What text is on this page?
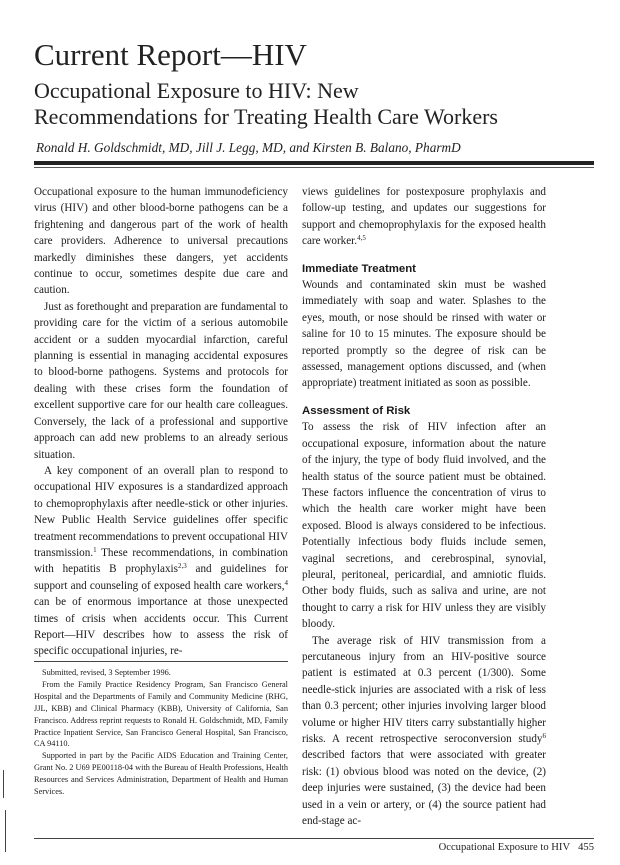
Current Report—HIV
Occupational Exposure to HIV: New
Recommendations for Treating Health Care Workers
Ronald H. Goldschmidt, MD, Jill J. Legg, MD, and Kirsten B. Balano, PharmD

Occupational exposure to the human immunodeficiency virus (HIV) and other blood-borne pathogens can be a frightening and dangerous part of the work of health care providers. Adherence to universal precautions markedly diminishes these dangers, yet accidents continue to occur, sometimes despite due care and caution.

Just as forethought and preparation are fundamental to providing care for the victim of a serious automobile accident or a sudden myocardial infarction, careful planning is essential in managing accidental exposures to blood-borne pathogens. Systems and protocols for dealing with these crises form the foundation of excellent supportive care for our health care colleagues. Conversely, the lack of a professional and supportive approach can add new problems to an already serious situation.

A key component of an overall plan to respond to occupational HIV exposures is a standardized approach to chemoprophylaxis after needle-stick or other injuries. New Public Health Service guidelines offer specific treatment recommendations to prevent occupational HIV transmission.$^1$ These recommendations, in combination with hepatitis B prophylaxis$^{2,3}$ and guidelines for support and counseling of exposed health care workers,$^4$ can be of enormous importance at those unexpected times of crisis when accidents occur. This Current Report—HIV describes how to assess the risk of specific occupational injuries, re-

Submitted, revised, 3 September 1996.

From the Family Practice Residency Program, San Francisco General Hospital and the Departments of Family and Community Medicine (RHG, JJL, KBB) and Clinical Pharmacy (KBB), University of California, San Francisco. Address reprint requests to Ronald H. Goldschmidt, MD, Family Practice Inpatient Service, San Francisco General Hospital, San Francisco, CA 94110.

Supported in part by the Pacific AIDS Education and Training Center, Grant No. 2 U69 PE00118-04 with the Bureau of Health Professions, Health Resources and Services Administration, Department of Health and Human Services.

views guidelines for postexposure prophylaxis and follow-up testing, and updates our suggestions for support and chemoprophylaxis for the exposed health care worker.$^{4,5}$

Immediate Treatment

Wounds and contaminated skin must be washed immediately with soap and water. Splashes to the eyes, mouth, or nose should be rinsed with water or saline for 10 to 15 minutes. The exposure should be reported promptly so the degree of risk can be assessed, management options discussed, and (when appropriate) treatment initiated as soon as possible.

Assessment of Risk

To assess the risk of HIV infection after an occupational exposure, information about the nature of the injury, the type of body fluid involved, and the health status of the source patient must be obtained. These factors influence the concentration of virus to which the health care worker might have been exposed. Blood is always considered to be infectious. Potentially infectious body fluids include semen, vaginal secretions, and cerebrospinal, synovial, pleural, peritoneal, pericardial, and amniotic fluids. Other body fluids, such as saliva and urine, are not thought to carry a risk for HIV unless they are visibly bloody.

The average risk of HIV transmission from a percutaneous injury from an HIV-positive source patient is estimated at 0.3 percent (1/300). Some needle-stick injuries are associated with a risk of less than 0.3 percent; other injuries involving larger blood volume or higher HIV titers carry substantially higher risks. A recent retrospective seroconversion study$^6$ described factors that were associated with greater risk: (1) obvious blood was noted on the device, (2) deep injuries were sustained, (3) the device had been used in a vein or artery, or (4) the source patient had end-stage ac-

Occupational Exposure to HIV 455
